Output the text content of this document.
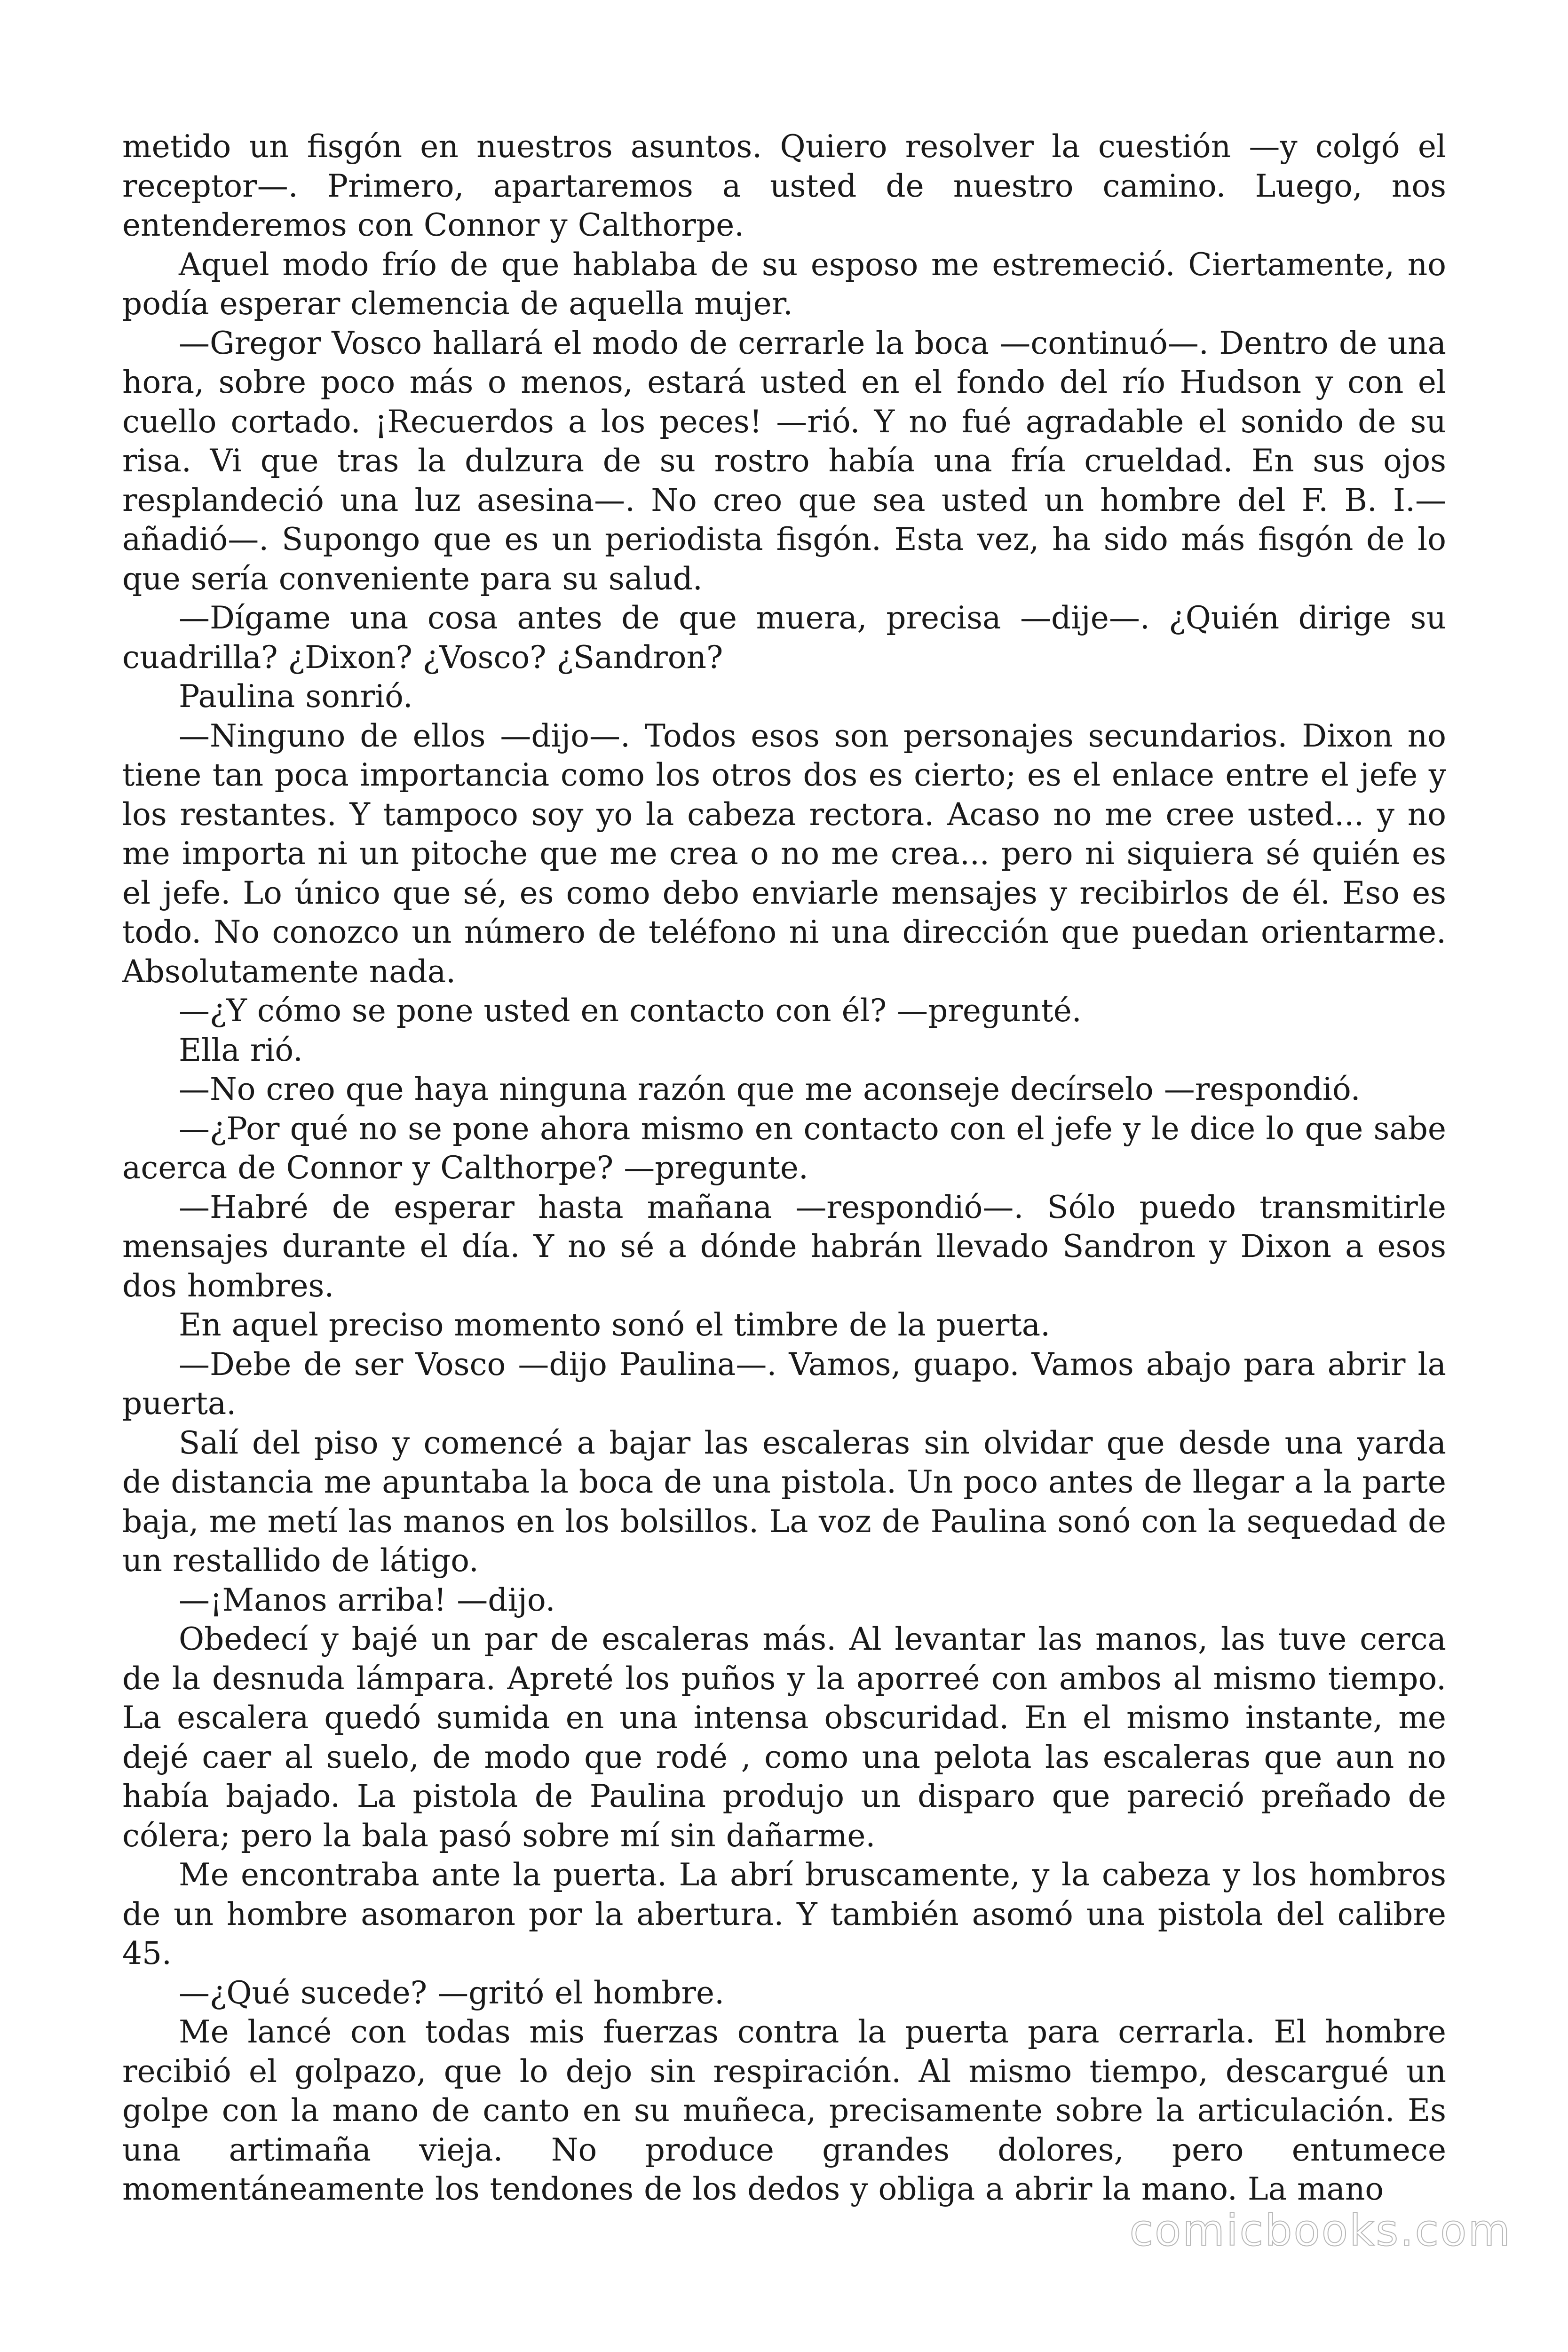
metido un fisgón en nuestros asuntos. Quiero resolver la cuestión —y colgó el receptor—. Primero, apartaremos a usted de nuestro camino. Luego, nos entenderemos con Connor y Calthorpe.

Aquel modo frío de que hablaba de su esposo me estremeció. Ciertamente, no podía esperar clemencia de aquella mujer.

—Gregor Vosco hallará el modo de cerrarle la boca —continuó—. Dentro de una hora, sobre poco más o menos, estará usted en el fondo del río Hudson y con el cuello cortado. ¡Recuerdos a los peces! —rió. Y no fué agradable el sonido de su risa. Vi que tras la dulzura de su rostro había una fría crueldad. En sus ojos resplandeció una luz asesina—. No creo que sea usted un hombre del F. B. I.—añadió—. Supongo que es un periodista fisgón. Esta vez, ha sido más fisgón de lo que sería conveniente para su salud.

—Dígame una cosa antes de que muera, precisa —dije—. ¿Quién dirige su cuadrilla? ¿Dixon? ¿Vosco? ¿Sandron?

Paulina sonrió.

—Ninguno de ellos —dijo—. Todos esos son personajes secundarios. Dixon no tiene tan poca importancia como los otros dos es cierto; es el enlace entre el jefe y los restantes. Y tampoco soy yo la cabeza rectora. Acaso no me cree usted... y no me importa ni un pitoche que me crea o no me crea... pero ni siquiera sé quién es el jefe. Lo único que sé, es como debo enviarle mensajes y recibirlos de él. Eso es todo. No conozco un número de teléfono ni una dirección que puedan orientarme. Absolutamente nada.

—¿Y cómo se pone usted en contacto con él? —pregunté.

Ella rió.

—No creo que haya ninguna razón que me aconseje decírselo —respondió.

—¿Por qué no se pone ahora mismo en contacto con el jefe y le dice lo que sabe acerca de Connor y Calthorpe? —pregunte.

—Habré de esperar hasta mañana —respondió—. Sólo puedo transmitirle mensajes durante el día. Y no sé a dónde habrán llevado Sandron y Dixon a esos dos hombres.

En aquel preciso momento sonó el timbre de la puerta.

—Debe de ser Vosco —dijo Paulina—. Vamos, guapo. Vamos abajo para abrir la puerta.

Salí del piso y comencé a bajar las escaleras sin olvidar que desde una yarda de distancia me apuntaba la boca de una pistola. Un poco antes de llegar a la parte baja, me metí las manos en los bolsillos. La voz de Paulina sonó con la sequedad de un restallido de látigo.

—¡Manos arriba! —dijo.

Obedecí y bajé un par de escaleras más. Al levantar las manos, las tuve cerca de la desnuda lámpara. Apreté los puños y la aporreé con ambos al mismo tiempo. La escalera quedó sumida en una intensa obscuridad. En el mismo instante, me dejé caer al suelo, de modo que rodé , como una pelota las escaleras que aun no había bajado. La pistola de Paulina produjo un disparo que pareció preñado de cólera; pero la bala pasó sobre mí sin dañarme.

Me encontraba ante la puerta. La abrí bruscamente, y la cabeza y los hombros de un hombre asomaron por la abertura. Y también asomó una pistola del calibre 45.

—¿Qué sucede? —gritó el hombre.

Me lancé con todas mis fuerzas contra la puerta para cerrarla. El hombre recibió el golpazo, que lo dejo sin respiración. Al mismo tiempo, descargué un golpe con la mano de canto en su muñeca, precisamente sobre la articulación. Es una artimaña vieja. No produce grandes dolores, pero entumece momentáneamente los tendones de los dedos y obliga a abrir la mano. La mano

comicbooks.com
